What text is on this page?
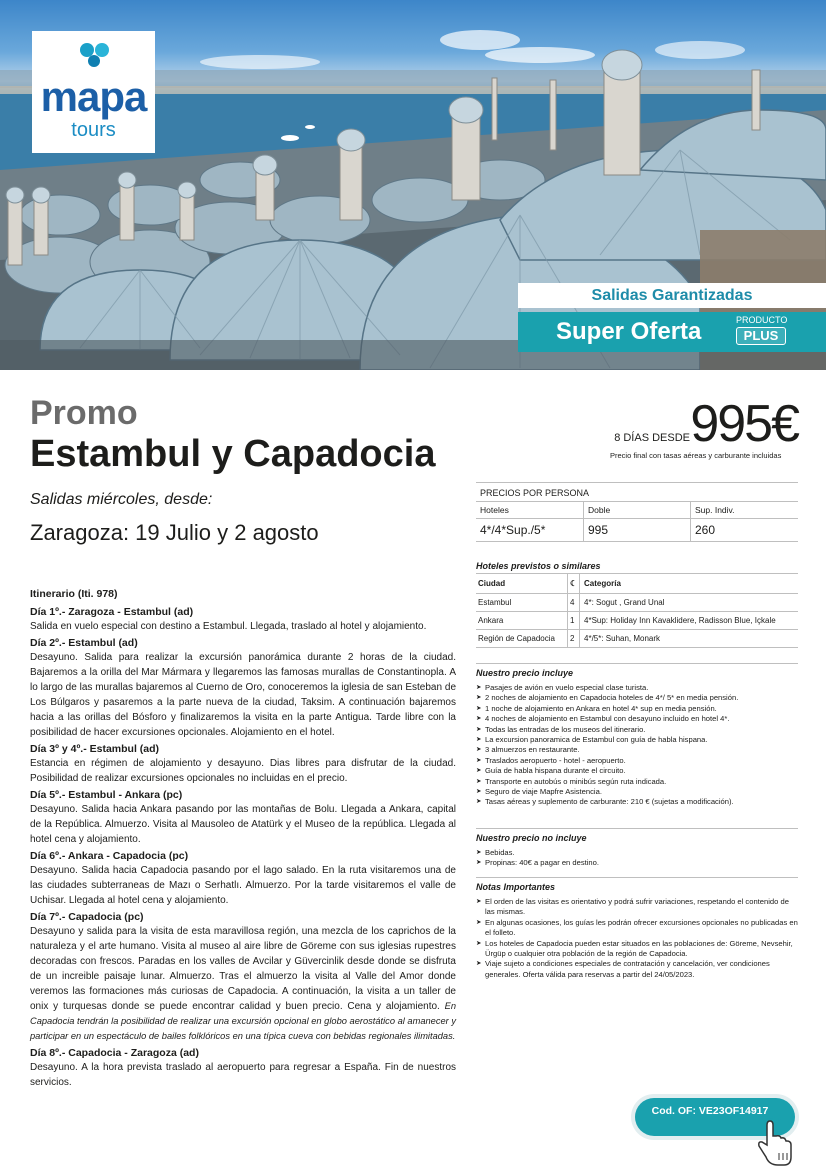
mapa
tours
Salidas Garantizadas
Super Oferta	PRODUCTO
PLUS
Promo
Estambul y Capadocia
Salidas miércoles, desde:
Zaragoza: 19 Julio y 2 agosto
8 DÍAS DESDE 995€
Precio final con tasas aéreas y carburante incluidas
PRECIOS POR PERSONA
Hoteles	Doble	Sup. Indiv.
4*/4*Sup./5*	995	260
Hoteles previstos o similares
Ciudad	☾ Categoría
Estambul	4	4*: Sogut , Grand Unal
Ankara	1	4*Sup: Holiday Inn Kavaklidere, Radisson Blue, Içkale
Región de Capadocia	2	4*/5*: Suhan, Monark
Nuestro precio incluye
➤ Pasajes de avión en vuelo especial clase turista.
➤ 2 noches de alojamiento en Capadocia hoteles de 4*/ 5* en media pensión.
➤ 1 noche de alojamiento en Ankara en hotel 4* sup en media pensión.
➤ 4 noches de alojamiento en Estambul con desayuno incluido en hotel 4*.
➤ Todas las entradas de los museos del itinerario.
➤ La excursion panoramica de Estambul con guía de habla hispana.
➤ 3 almuerzos en restaurante.
➤ Traslados aeropuerto - hotel - aeropuerto.
➤ Guía de habla hispana durante el circuito.
➤ Transporte en autobús o minibús según ruta indicada.
➤ Seguro de viaje Mapfre Asistencia.
➤ Tasas aéreas y suplemento de carburante: 210 € (sujetas a modificación).
Nuestro precio no incluye
➤ Bebidas.
➤ Propinas: 40€ a pagar en destino.
Notas Importantes
➤ El orden de las visitas es orientativo y podrá sufrir variaciones, respetando el contenido de las mismas.
➤ En algunas ocasiones, los guías les podrán ofrecer excursiones opcionales no publicadas en el folleto.
➤ Los hoteles de Capadocia pueden estar situados en las poblaciones de: Göreme, Nevsehir, Ürgüp o cualquier otra población de la región de Capadocia.
➤ Viaje sujeto a condiciones especiales de contratación y cancelación, ver condiciones generales. Oferta válida para reservas a partir del 24/05/2023.
Itinerario (Iti. 978)
Día 1º.- Zaragoza - Estambul (ad)
Salida en vuelo especial con destino a Estambul. Llegada, traslado al hotel y alojamiento.
Día 2º.- Estambul (ad)
Desayuno. Salida para realizar la excursión panorámica durante 2 horas de la ciudad. Bajaremos a la orilla del Mar Mármara y llegaremos las famosas murallas de Constantinopla. A lo largo de las murallas bajaremos al Cuerno de Oro, conoceremos la iglesia de san Esteban de Los Búlgaros y pasaremos a la parte nueva de la ciudad, Taksim. A continuación bajaremos hacia a las orillas del Bósforo y finalizaremos la visita en la parte Antigua. Tarde libre con la posibilidad de hacer excursiones opcionales. Alojamiento en el hotel.
Día 3º y 4º.- Estambul (ad)
Estancia en régimen de alojamiento y desayuno. Dias libres para disfrutar de la ciudad. Posibilidad de realizar excursiones opcionales no incluidas en el precio.
Día 5º.- Estambul - Ankara (pc)
Desayuno. Salida hacia Ankara pasando por las montañas de Bolu. Llegada a Ankara, capital de la República. Almuerzo. Visita al Mausoleo de Atatürk y el Museo de la república. Llegada al hotel cena y alojamiento.
Día 6º.- Ankara - Capadocia (pc)
Desayuno. Salida hacia Capadocia pasando por el lago salado. En la ruta visitaremos una de las ciudades subterraneas de Mazı o Serhatlı. Almuerzo. Por la tarde visitaremos el valle de Uchisar. Llegada al hotel cena y alojamiento.
Día 7º.- Capadocia (pc)
Desayuno y salida para la visita de esta maravillosa región, una mezcla de los caprichos de la naturaleza y el arte humano. Visita al museo al aire libre de Göreme con sus iglesias rupestres decoradas con frescos. Paradas en los valles de Avcilar y Güvercinlik desde donde se disfruta de un increible paisaje lunar. Almuerzo. Tras el almuerzo la visita al Valle del Amor donde veremos las formaciones más curiosas de Capadocia. A continuación, la visita a un taller de onix y turquesas donde se puede encontrar calidad y buen precio. Cena y alojamiento. En Capadocia tendrán la posibilidad de realizar una excursión opcional en globo aerostático al amanecer y participar en un espectáculo de bailes folklóricos en una típica cueva con bebidas regionales ilimitadas.
Día 8º.- Capadocia - Zaragoza (ad)
Desayuno. A la hora prevista traslado al aeropuerto para regresar a España. Fin de nuestros servicios.
Cod. OF: VE23OF14917
